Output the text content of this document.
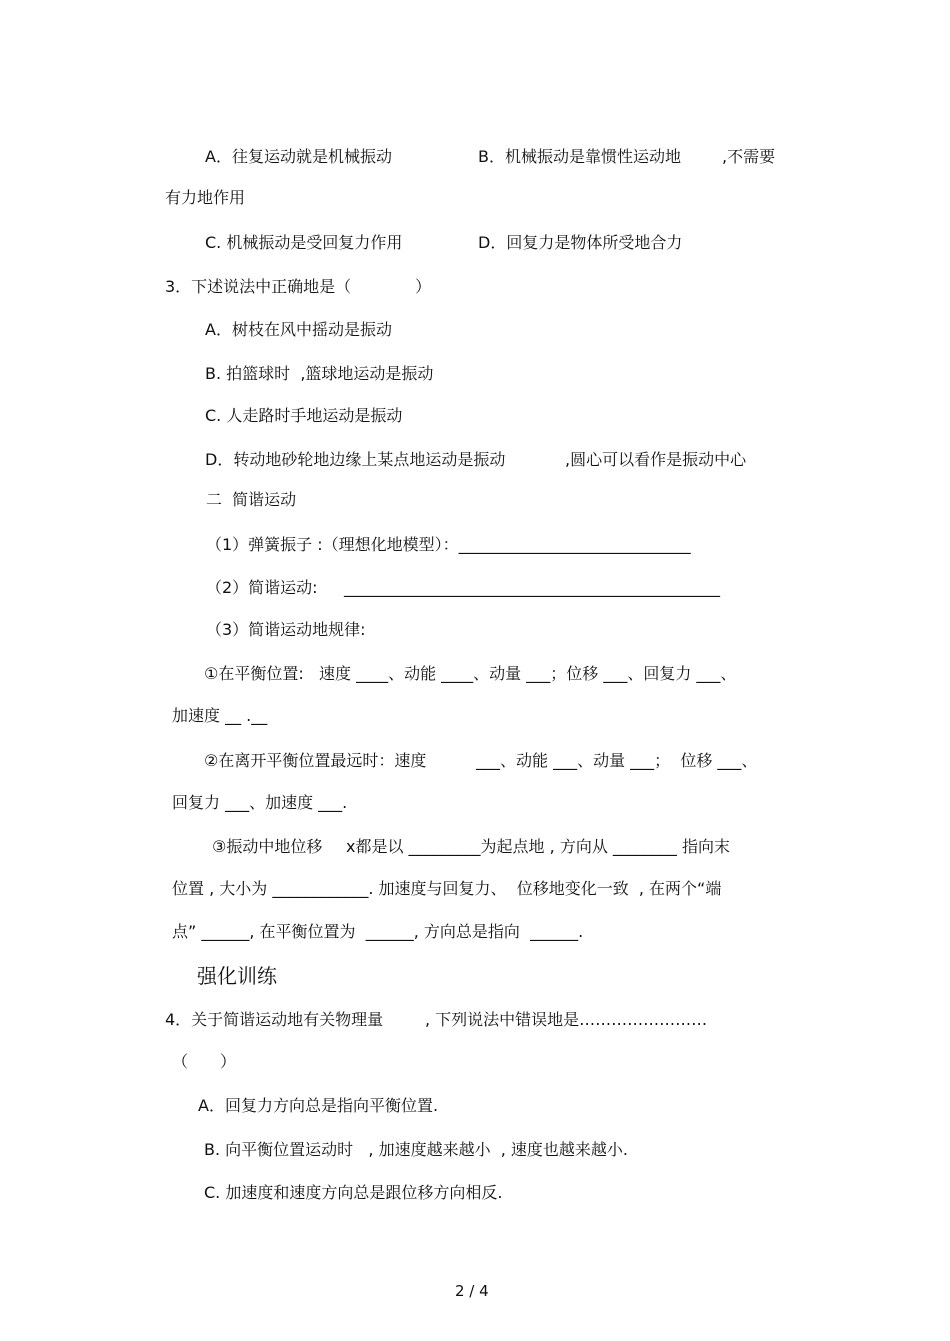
A．往复运动就是机械振动	B．机械振动是靠惯性运动地	,不需要
有力地作用
C. 机械振动是受回复力作用	D．回复力是物体所受地合力
3．下述说法中正确地是（　　　　）
A．树枝在风中摇动是振动
B. 拍篮球时  ,篮球地运动是振动
C. 人走路时手地运动是振动
D．转动地砂轮地边缘上某点地运动是振动	,圆心可以看作是振动中心
二  简谐运动
（1）弹簧振子 :（理想化地模型）：_____________________________
（2）简谐运动: _______________________________________________
（3）简谐运动地规律:
①在平衡位置:   速度 ____、动能 ____、动量 ___；位移 ___、回复力 ___、
加速度 __ .__
②在离开平衡位置最远时：速度	___、动能 ___、动量 ___；  位移 ___、
回复力 ___、加速度 ___.
③振动中地位移 x都是以 _________为起点地 , 方向从 ________ 指向末
位置 , 大小为 ____________. 加速度与回复力、  位移地变化一致  , 在两个“端
点” ______, 在平衡位置为  ______, 方向总是指向  ______.
强化训练
4．关于简谐运动地有关物理量	, 下列说法中错误地是……………………
（　　）
A．回复力方向总是指向平衡位置.
B. 向平衡位置运动时   , 加速度越来越小  , 速度也越来越小.
C. 加速度和速度方向总是跟位移方向相反.
2 / 4
